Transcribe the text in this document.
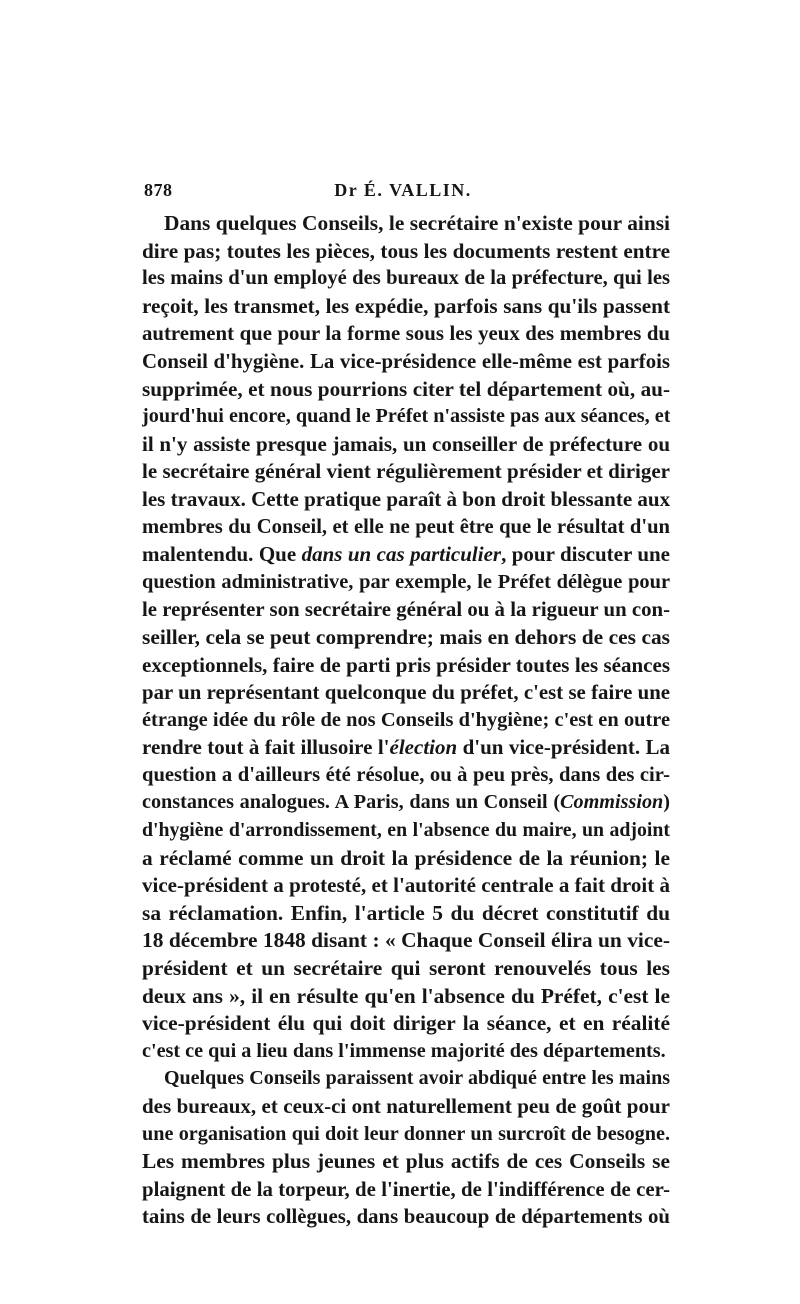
878	Dr É. VALLIN.
Dans quelques Conseils, le secrétaire n'existe pour ainsi
dire pas; toutes les pièces, tous les documents restent entre
les mains d'un employé des bureaux de la préfecture, qui les
reçoit, les transmet, les expédie, parfois sans qu'ils passent
autrement que pour la forme sous les yeux des membres du
Conseil d'hygiène. La vice-présidence elle-même est parfois
supprimée, et nous pourrions citer tel département où, au-
jourd'hui encore, quand le Préfet n'assiste pas aux séances, et
il n'y assiste presque jamais, un conseiller de préfecture ou
le secrétaire général vient régulièrement présider et diriger
les travaux. Cette pratique paraît à bon droit blessante aux
membres du Conseil, et elle ne peut être que le résultat d'un
malentendu. Que dans un cas particulier, pour discuter une
question administrative, par exemple, le Préfet délègue pour
le représenter son secrétaire général ou à la rigueur un con-
seiller, cela se peut comprendre; mais en dehors de ces cas
exceptionnels, faire de parti pris présider toutes les séances
par un représentant quelconque du préfet, c'est se faire une
étrange idée du rôle de nos Conseils d'hygiène; c'est en outre
rendre tout à fait illusoire l'élection d'un vice-président. La
question a d'ailleurs été résolue, ou à peu près, dans des cir-
constances analogues. A Paris, dans un Conseil (Commission)
d'hygiène d'arrondissement, en l'absence du maire, un adjoint
a réclamé comme un droit la présidence de la réunion; le
vice-président a protesté, et l'autorité centrale a fait droit à
sa réclamation. Enfin, l'article 5 du décret constitutif du
18 décembre 1848 disant : « Chaque Conseil élira un vice-
président et un secrétaire qui seront renouvelés tous les
deux ans », il en résulte qu'en l'absence du Préfet, c'est le
vice-président élu qui doit diriger la séance, et en réalité
c'est ce qui a lieu dans l'immense majorité des départements.
Quelques Conseils paraissent avoir abdiqué entre les mains
des bureaux, et ceux-ci ont naturellement peu de goût pour
une organisation qui doit leur donner un surcroît de besogne.
Les membres plus jeunes et plus actifs de ces Conseils se
plaignent de la torpeur, de l'inertie, de l'indifférence de cer-
tains de leurs collègues, dans beaucoup de départements où
